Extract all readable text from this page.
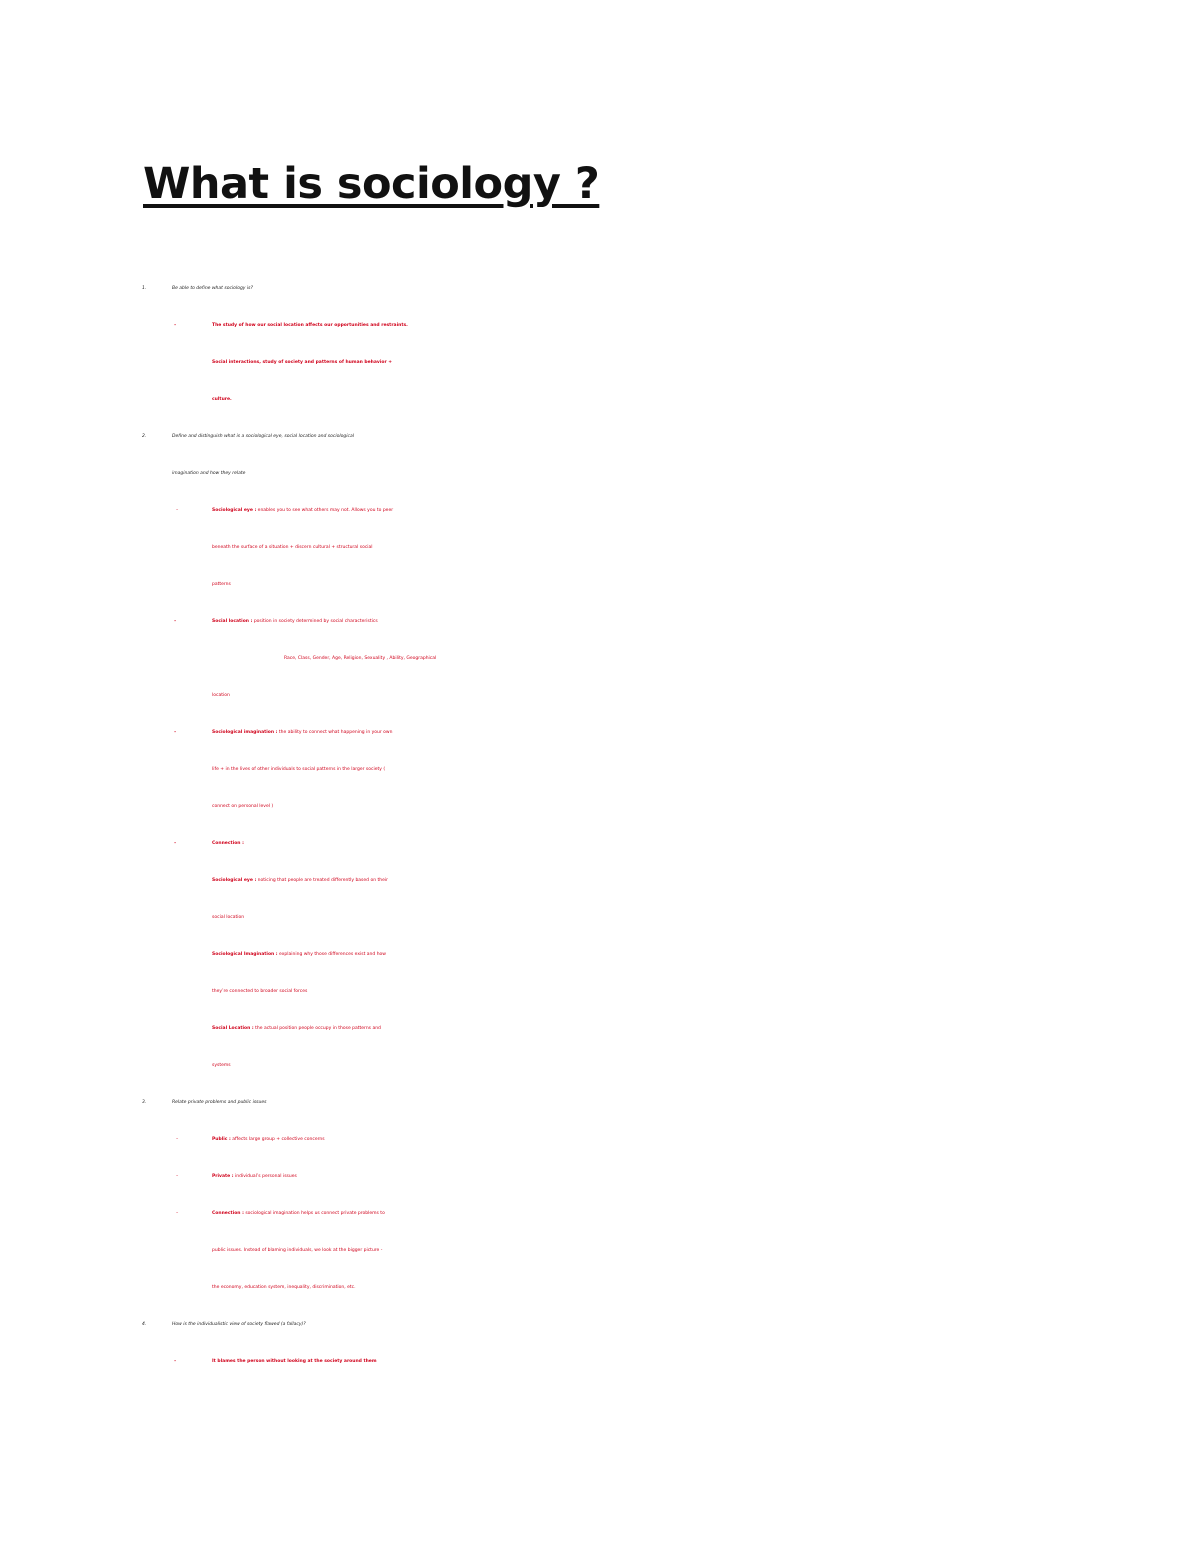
What is sociology ?
1.	Be able to define what sociology is?
–	The study of how our social location affects our opportunities and restraints.
Social interactions, study of society and patterns of human behavior +
culture.
2.	Define and distinguish what is a sociological eye, social location and sociological
imagination and how they relate
–	Sociological eye : enables you to see what others may not. Allows you to peer
beneath the surface of a situation + discern cultural + structural social
patterns
–	Social location : position in society determined by social characteristics
Race, Class, Gender, Age, Religion, Sexuality , Ability, Geographical
location
–	Sociological imagination : the ability to connect what happening in your own
life + in the lives of other individuals to social patterns in the larger society (
connect on personal level )
–	Connection :
Sociological eye : noticing that people are treated differently based on their
social location
Sociological Imagination : explaining why those differences exist and how
they’re connected to broader social forces
Social Location : the actual position people occupy in those patterns and
systems
3.	Relate private problems and public issues
–	Public : affects large group + collective concerns
–	Private : individual’s personal issues
–	Connection : sociological imagination helps us connect private problems to
public issues. Instead of blaming individuals, we look at the bigger picture -
the economy, education system, inequality, discrimination, etc.
4.	How is the individualistic view of society flawed (a fallacy)?
–	It blames the person without looking at the society around them
